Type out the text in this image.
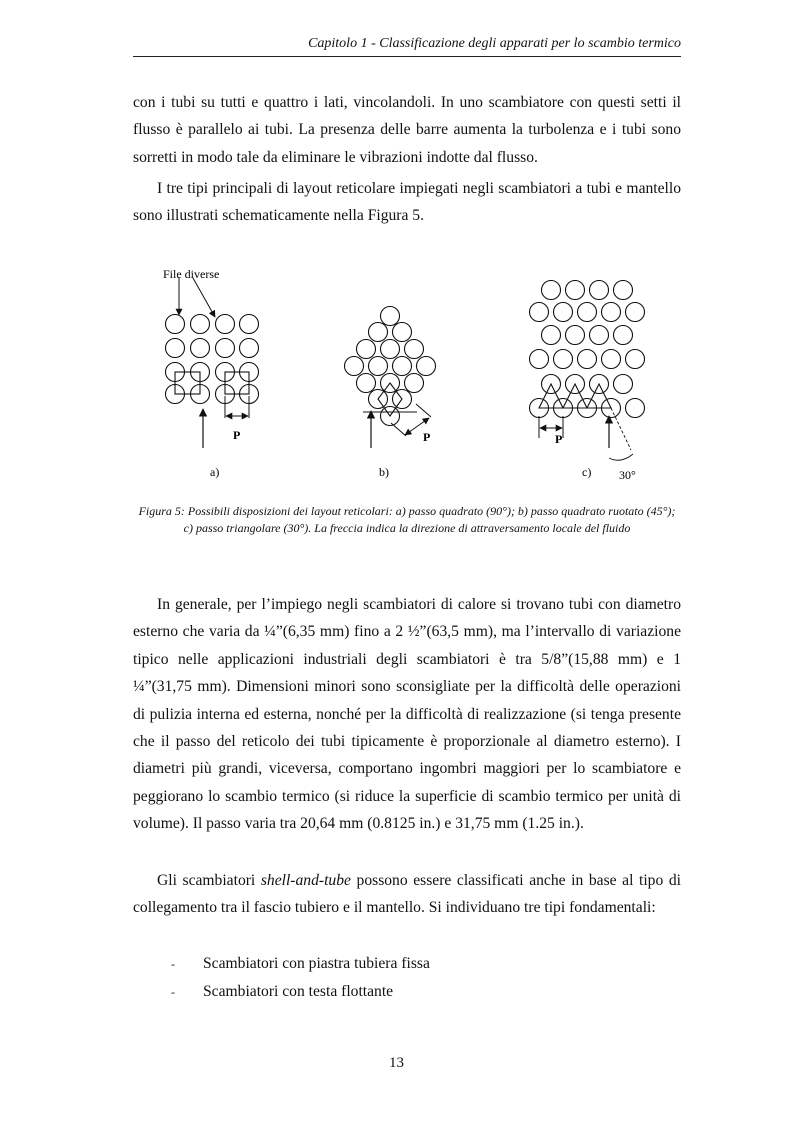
Capitolo 1 - Classificazione degli apparati per lo scambio termico

con i tubi su tutti e quattro i lati, vincolandoli. In uno scambiatore con questi setti il flusso è parallelo ai tubi. La presenza delle barre aumenta la turbolenza e i tubi sono sorretti in modo tale da eliminare le vibrazioni indotte dal flusso.

I tre tipi principali di layout reticolare impiegati negli scambiatori a tubi e mantello sono illustrati schematicamente nella Figura 5.

File diverse
P
a)
P
b)
P
c) 30°

Figura 5: Possibili disposizioni dei layout reticolari: a) passo quadrato (90°); b) passo quadrato ruotato (45°); c) passo triangolare (30°). La freccia indica la direzione di attraversamento locale del fluido

In generale, per l’impiego negli scambiatori di calore si trovano tubi con diametro esterno che varia da ¼”(6,35 mm) fino a 2 ½”(63,5 mm), ma l’intervallo di variazione tipico nelle applicazioni industriali degli scambiatori è tra 5/8”(15,88 mm) e 1 ¼”(31,75 mm). Dimensioni minori sono sconsigliate per la difficoltà delle operazioni di pulizia interna ed esterna, nonché per la difficoltà di realizzazione (si tenga presente che il passo del reticolo dei tubi tipicamente è proporzionale al diametro esterno). I diametri più grandi, viceversa, comportano ingombri maggiori per lo scambiatore e peggiorano lo scambio termico (si riduce la superficie di scambio termico per unità di volume). Il passo varia tra 20,64 mm (0.8125 in.) e 31,75 mm (1.25 in.).

Gli scambiatori shell-and-tube possono essere classificati anche in base al tipo di collegamento tra il fascio tubiero e il mantello. Si individuano tre tipi fondamentali:

- Scambiatori con piastra tubiera fissa
- Scambiatori con testa flottante
13
